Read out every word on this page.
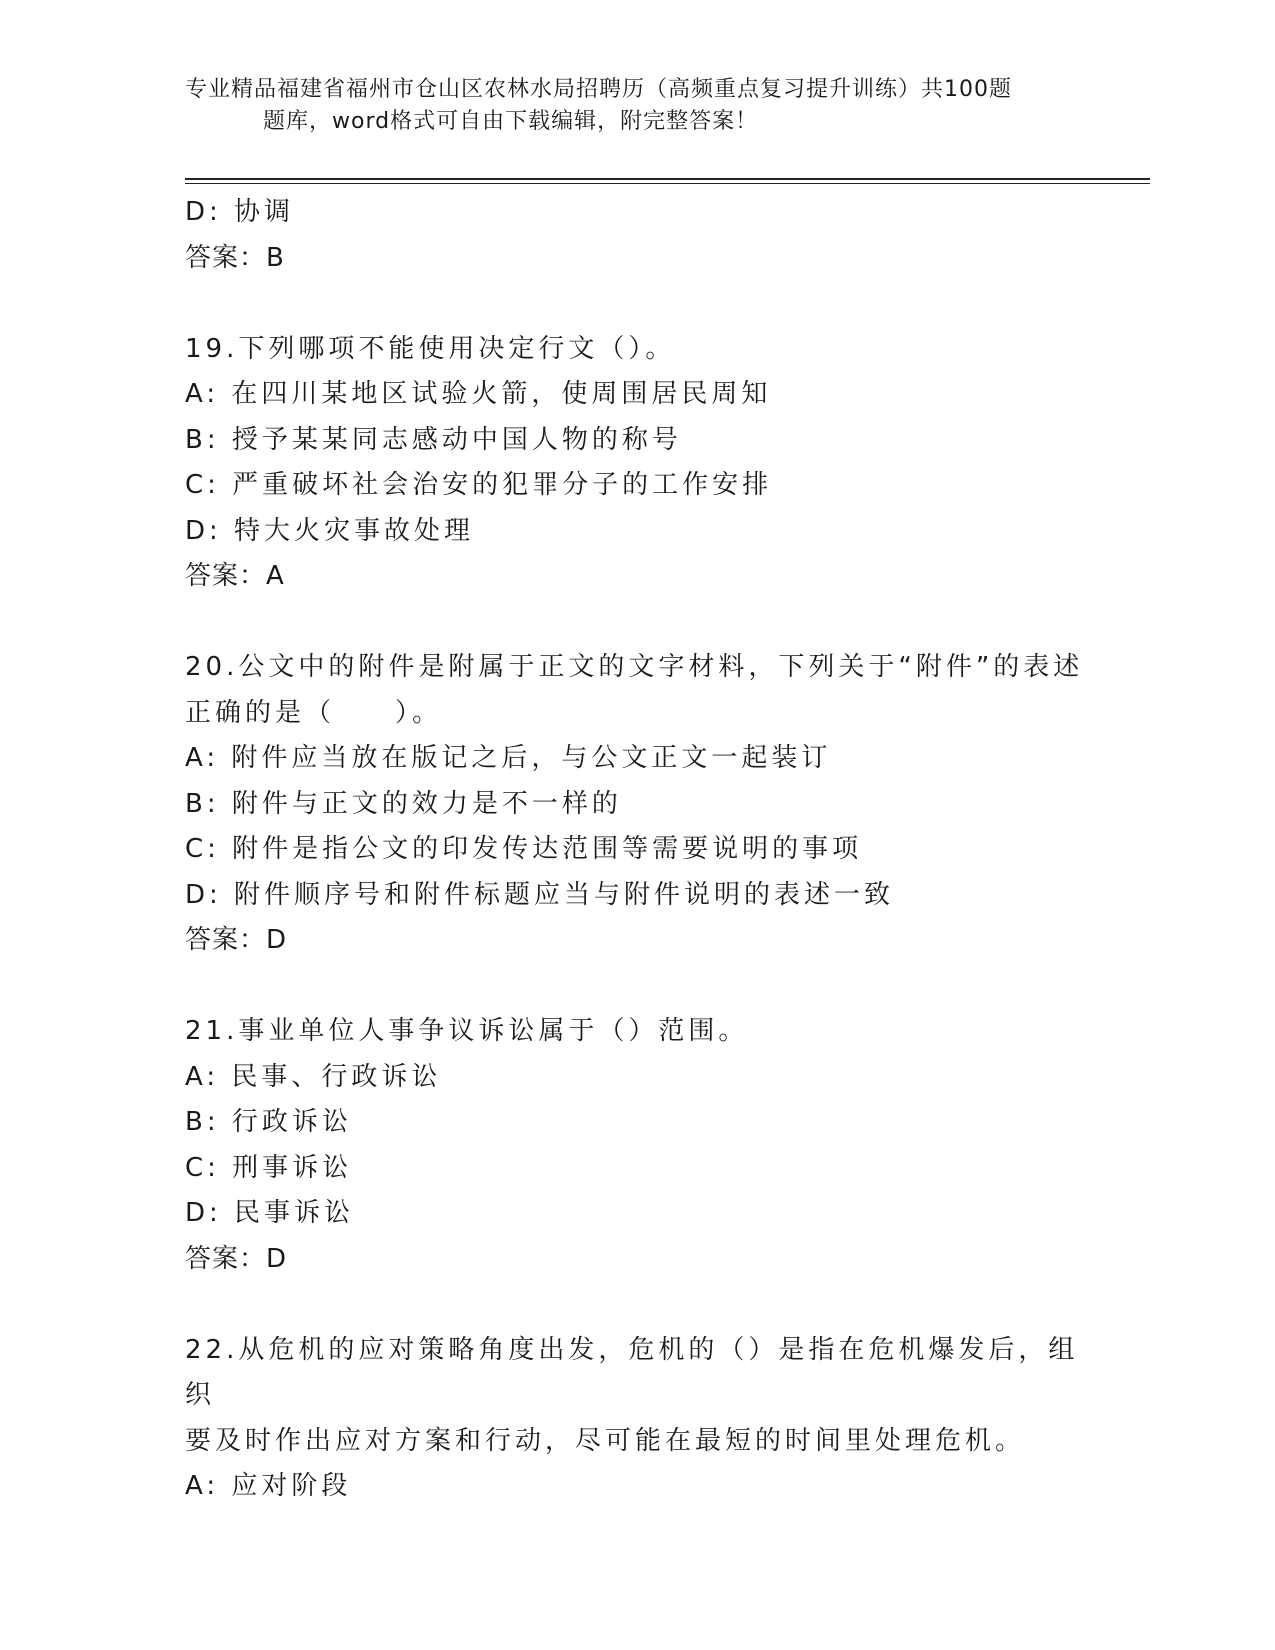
专业精品福建省福州市仓山区农林水局招聘历（高频重点复习提升训练）共100题
题库，word格式可自由下载编辑，附完整答案！
D: 协调
答案：B
19.下列哪项不能使用决定行文（）。
A: 在四川某地区试验火箭，使周围居民周知
B: 授予某某同志感动中国人物的称号
C: 严重破坏社会治安的犯罪分子的工作安排
D: 特大火灾事故处理
答案：A
20.公文中的附件是附属于正文的文字材料，下列关于“附件”的表述
正确的是（　　）。
A: 附件应当放在版记之后，与公文正文一起装订
B: 附件与正文的效力是不一样的
C: 附件是指公文的印发传达范围等需要说明的事项
D: 附件顺序号和附件标题应当与附件说明的表述一致
答案：D
21.事业单位人事争议诉讼属于（）范围。
A: 民事、行政诉讼
B: 行政诉讼
C: 刑事诉讼
D: 民事诉讼
答案：D
22.从危机的应对策略角度出发，危机的（）是指在危机爆发后，组织
要及时作出应对方案和行动，尽可能在最短的时间里处理危机。
A: 应对阶段
